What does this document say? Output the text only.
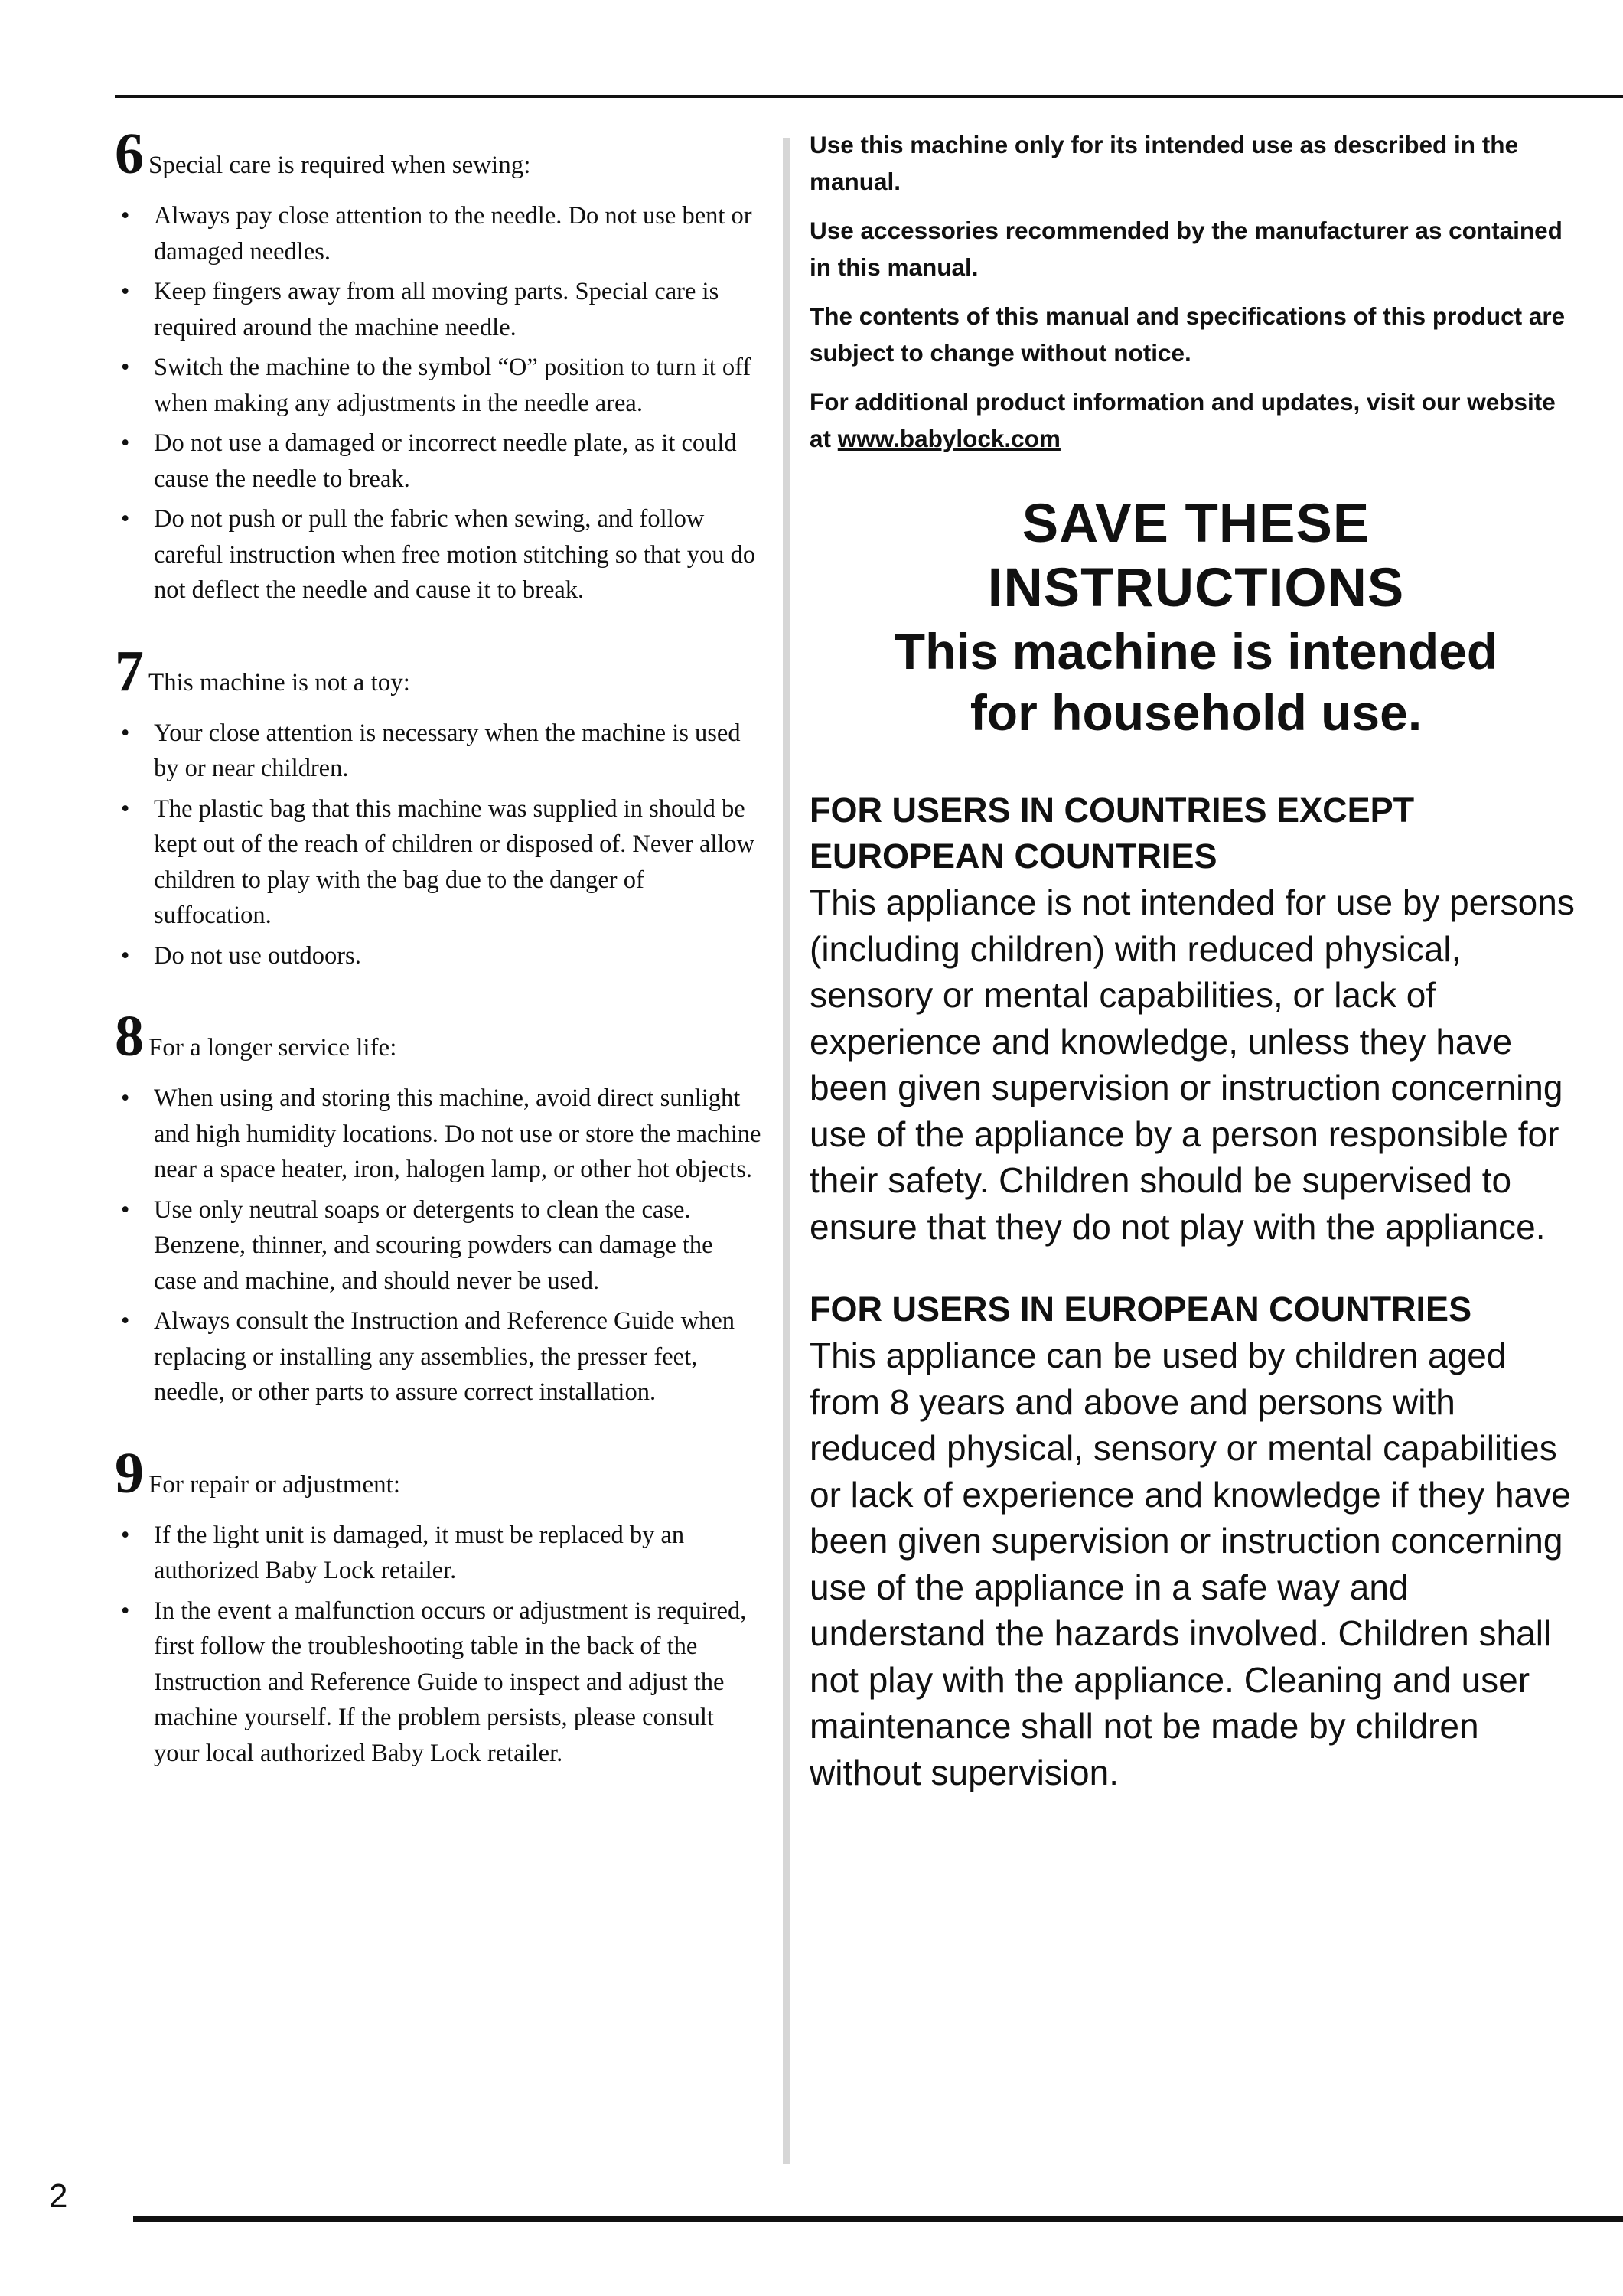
6 Special care is required when sewing:
• Always pay close attention to the needle. Do not use bent or damaged needles.
• Keep fingers away from all moving parts. Special care is required around the machine needle.
• Switch the machine to the symbol “O” position to turn it off when making any adjustments in the needle area.
• Do not use a damaged or incorrect needle plate, as it could cause the needle to break.
• Do not push or pull the fabric when sewing, and follow careful instruction when free motion stitching so that you do not deflect the needle and cause it to break.
7 This machine is not a toy:
• Your close attention is necessary when the machine is used by or near children.
• The plastic bag that this machine was supplied in should be kept out of the reach of children or disposed of. Never allow children to play with the bag due to the danger of suffocation.
• Do not use outdoors.
8 For a longer service life:
• When using and storing this machine, avoid direct sunlight and high humidity locations. Do not use or store the machine near a space heater, iron, halogen lamp, or other hot objects.
• Use only neutral soaps or detergents to clean the case. Benzene, thinner, and scouring powders can damage the case and machine, and should never be used.
• Always consult the Instruction and Reference Guide when replacing or installing any assemblies, the presser feet, needle, or other parts to assure correct installation.
9 For repair or adjustment:
• If the light unit is damaged, it must be replaced by an authorized Baby Lock retailer.
• In the event a malfunction occurs or adjustment is required, first follow the troubleshooting table in the back of the Instruction and Reference Guide to inspect and adjust the machine yourself. If the problem persists, please consult your local authorized Baby Lock retailer.

Use this machine only for its intended use as described in the manual.

Use accessories recommended by the manufacturer as contained in this manual.

The contents of this manual and specifications of this product are subject to change without notice.

For additional product information and updates, visit our website at www.babylock.com

SAVE THESE
INSTRUCTIONS
This machine is intended
for household use.

FOR USERS IN COUNTRIES EXCEPT EUROPEAN COUNTRIES

This appliance is not intended for use by persons (including children) with reduced physical, sensory or mental capabilities, or lack of experience and knowledge, unless they have been given supervision or instruction concerning use of the appliance by a person responsible for their safety. Children should be supervised to ensure that they do not play with the appliance.

FOR USERS IN EUROPEAN COUNTRIES

This appliance can be used by children aged from 8 years and above and persons with reduced physical, sensory or mental capabilities or lack of experience and knowledge if they have been given supervision or instruction concerning use of the appliance in a safe way and understand the hazards involved. Children shall not play with the appliance. Cleaning and user maintenance shall not be made by children without supervision.

2
